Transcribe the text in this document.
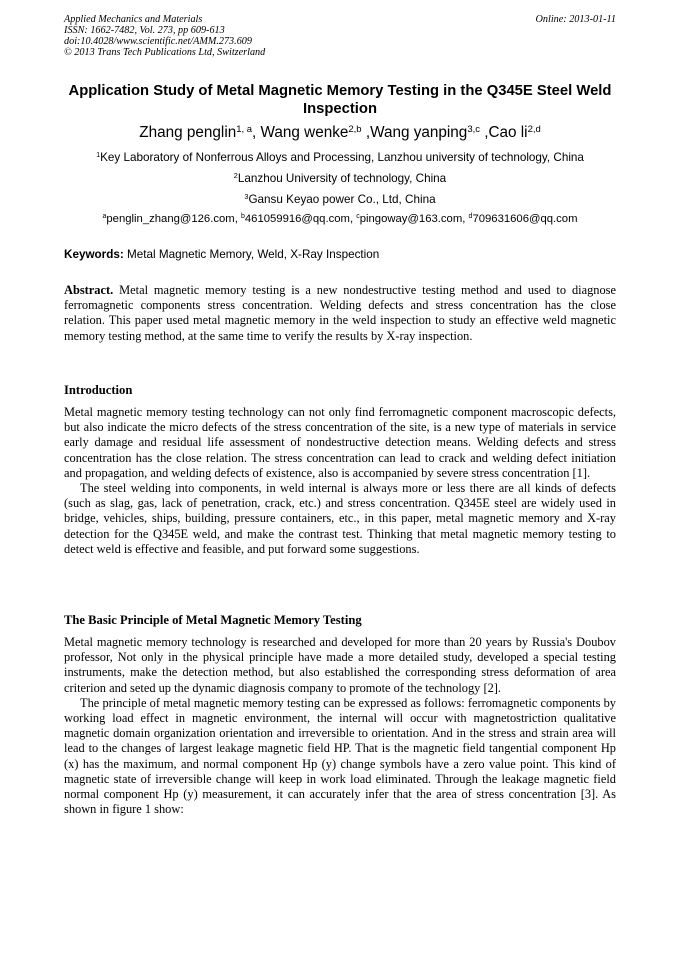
Applied Mechanics and Materials
ISSN: 1662-7482, Vol. 273, pp 609-613
doi:10.4028/www.scientific.net/AMM.273.609
© 2013 Trans Tech Publications Ltd, Switzerland
Online: 2013-01-11
Application Study of Metal Magnetic Memory Testing in the Q345E Steel Weld Inspection
Zhang penglin$^{1, a}$, Wang wenke$^{2,b}$ ,Wang yanping$^{3,c}$ ,Cao li$^{2,d}$
$^1$Key Laboratory of Nonferrous Alloys and Processing, Lanzhou university of technology, China
$^2$Lanzhou University of technology, China
$^3$Gansu Keyao power Co., Ltd, China
$^a$penglin_zhang@126.com, $^b$461059916@qq.com, $^c$pingoway@163.com, $^d$709631606@qq.com
Keywords: Metal Magnetic Memory, Weld, X-Ray Inspection

Abstract. Metal magnetic memory testing is a new nondestructive testing method and used to diagnose ferromagnetic components stress concentration. Welding defects and stress concentration has the close relation. This paper used metal magnetic memory in the weld inspection to study an effective weld magnetic memory testing method, at the same time to verify the results by X-ray inspection.

Introduction

Metal magnetic memory testing technology can not only find ferromagnetic component macroscopic defects, but also indicate the micro defects of the stress concentration of the site, is a new type of materials in service early damage and residual life assessment of nondestructive detection means. Welding defects and stress concentration has the close relation. The stress concentration can lead to crack and welding defect initiation and propagation, and welding defects of existence, also is accompanied by severe stress concentration [1].

The steel welding into components, in weld internal is always more or less there are all kinds of defects (such as slag, gas, lack of penetration, crack, etc.) and stress concentration. Q345E steel are widely used in bridge, vehicles, ships, building, pressure containers, etc., in this paper, metal magnetic memory and X-ray detection for the Q345E weld, and make the contrast test. Thinking that metal magnetic memory testing to detect weld is effective and feasible, and put forward some suggestions.

The Basic Principle of Metal Magnetic Memory Testing

Metal magnetic memory technology is researched and developed for more than 20 years by Russia's Doubov professor, Not only in the physical principle have made a more detailed study, developed a special testing instruments, make the detection method, but also established the corresponding stress deformation of area criterion and seted up the dynamic diagnosis company to promote of the technology [2].

The principle of metal magnetic memory testing can be expressed as follows: ferromagnetic components by working load effect in magnetic environment, the internal will occur with magnetostriction qualitative magnetic domain organization orientation and irreversible to orientation. And in the stress and strain area will lead to the changes of largest leakage magnetic field HP. That is the magnetic field tangential component Hp (x) has the maximum, and normal component Hp (y) change symbols have a zero value point. This kind of magnetic state of irreversible change will keep in work load eliminated. Through the leakage magnetic field normal component Hp (y) measurement, it can accurately infer that the area of stress concentration [3]. As shown in figure 1 show:
